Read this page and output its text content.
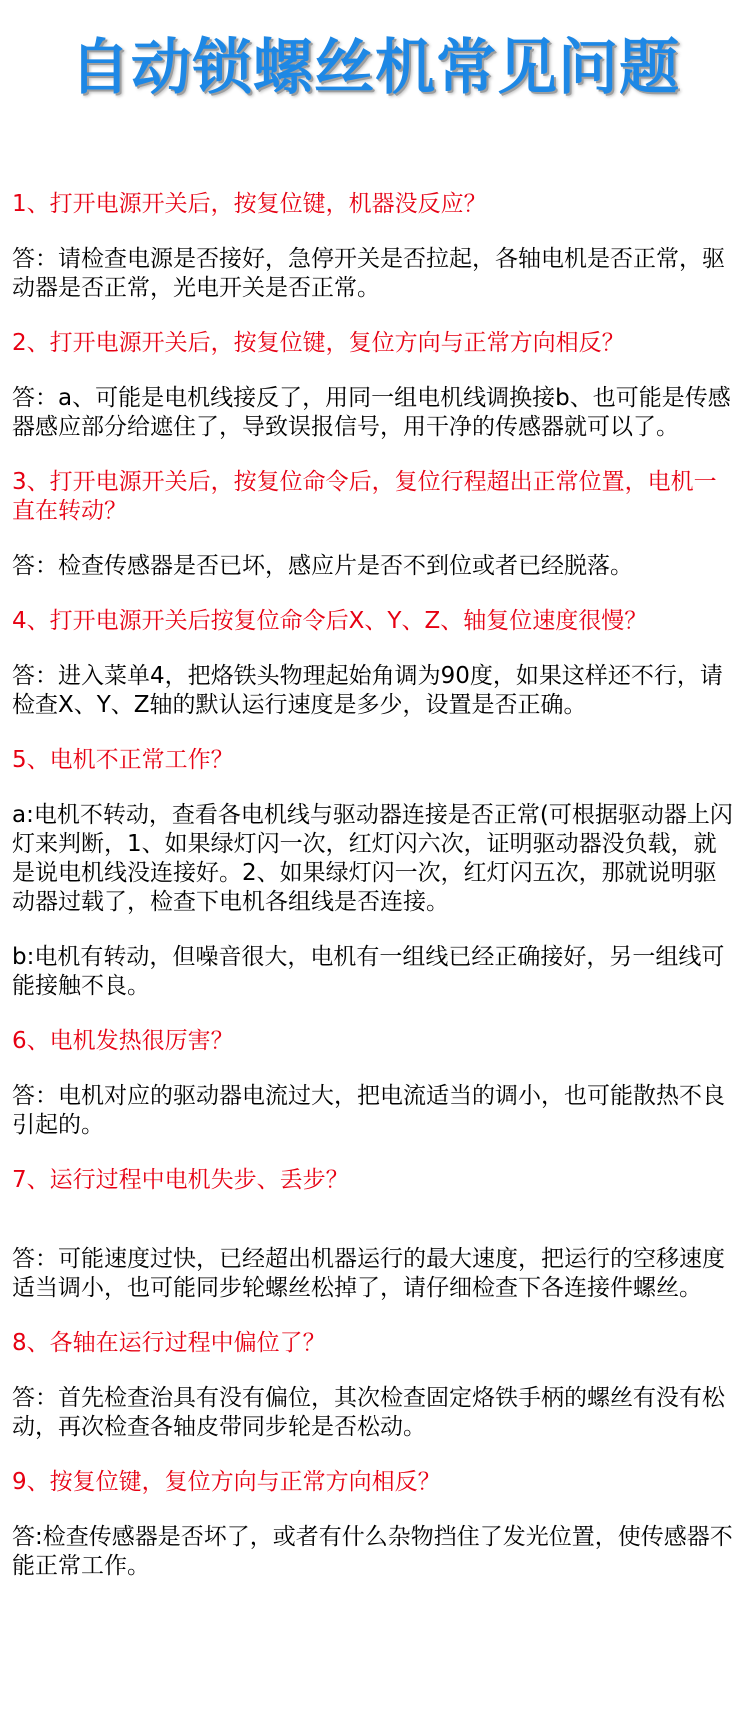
自动锁螺丝机常见问题

1、打开电源开关后，按复位键，机器没反应？

答：请检查电源是否接好，急停开关是否拉起，各轴电机是否正常，驱动器是否正常，光电开关是否正常。

2、打开电源开关后，按复位键，复位方向与正常方向相反？

答：a、可能是电机线接反了，用同一组电机线调换接b、也可能是传感器感应部分给遮住了，导致误报信号，用干净的传感器就可以了。

3、打开电源开关后，按复位命令后，复位行程超出正常位置，电机一直在转动？

答：检查传感器是否已坏，感应片是否不到位或者已经脱落。

4、打开电源开关后按复位命令后X、Y、Z、轴复位速度很慢？

答：进入菜单4，把烙铁头物理起始角调为90度，如果这样还不行，请检查X、Y、Z轴的默认运行速度是多少，设置是否正确。

5、电机不正常工作？

a:电机不转动，查看各电机线与驱动器连接是否正常(可根据驱动器上闪灯来判断，1、如果绿灯闪一次，红灯闪六次，证明驱动器没负载，就是说电机线没连接好。2、如果绿灯闪一次，红灯闪五次，那就说明驱动器过载了，检查下电机各组线是否连接。

b:电机有转动，但噪音很大，电机有一组线已经正确接好，另一组线可能接触不良。

6、电机发热很厉害？

答：电机对应的驱动器电流过大，把电流适当的调小，也可能散热不良引起的。

7、运行过程中电机失步、丢步？

答：可能速度过快，已经超出机器运行的最大速度，把运行的空移速度适当调小，也可能同步轮螺丝松掉了，请仔细检查下各连接件螺丝。

8、各轴在运行过程中偏位了？

答：首先检查治具有没有偏位，其次检查固定烙铁手柄的螺丝有没有松动，再次检查各轴皮带同步轮是否松动。

9、按复位键，复位方向与正常方向相反？

答:检查传感器是否坏了，或者有什么杂物挡住了发光位置，使传感器不能正常工作。
